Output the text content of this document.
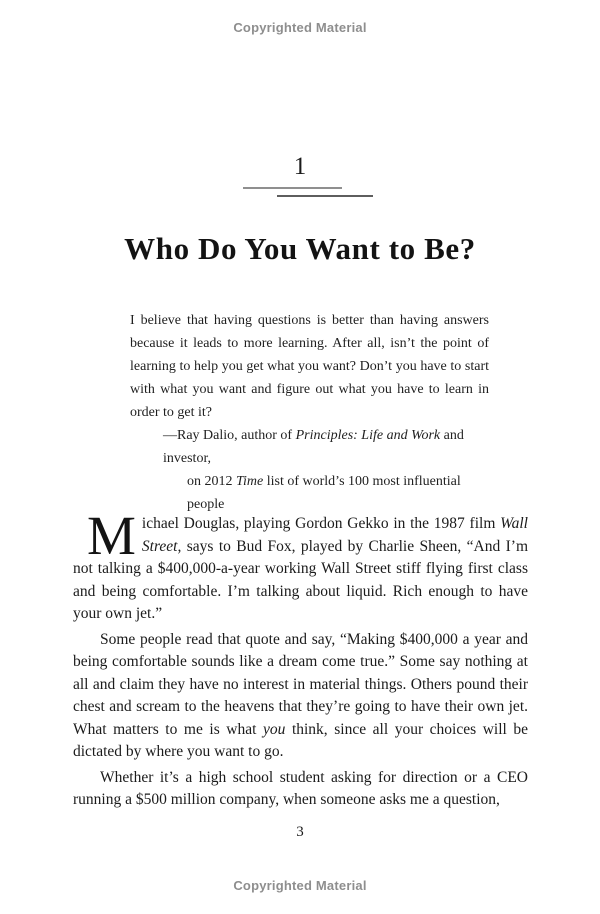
Copyrighted Material
1
Who Do You Want to Be?

I believe that having questions is better than having answers because it leads to more learning. After all, isn’t the point of learning to help you get what you want? Don’t you have to start with what you want and figure out what you have to learn in order to get it?

—Ray Dalio, author of Principles: Life and Work and investor,

on 2012 Time list of world’s 100 most influential people

Michael Douglas, playing Gordon Gekko in the 1987 film Wall Street, says to Bud Fox, played by Charlie Sheen, “And I’m not talking a $400,000-a-year working Wall Street stiff flying first class and being comfortable. I’m talking about liquid. Rich enough to have your own jet.”

Some people read that quote and say, “Making $400,000 a year and being comfortable sounds like a dream come true.” Some say nothing at all and claim they have no interest in material things. Others pound their chest and scream to the heavens that they’re going to have their own jet. What matters to me is what you think, since all your choices will be dictated by where you want to go.

Whether it’s a high school student asking for direction or a CEO running a $500 million company, when someone asks me a question,

3
Copyrighted Material
